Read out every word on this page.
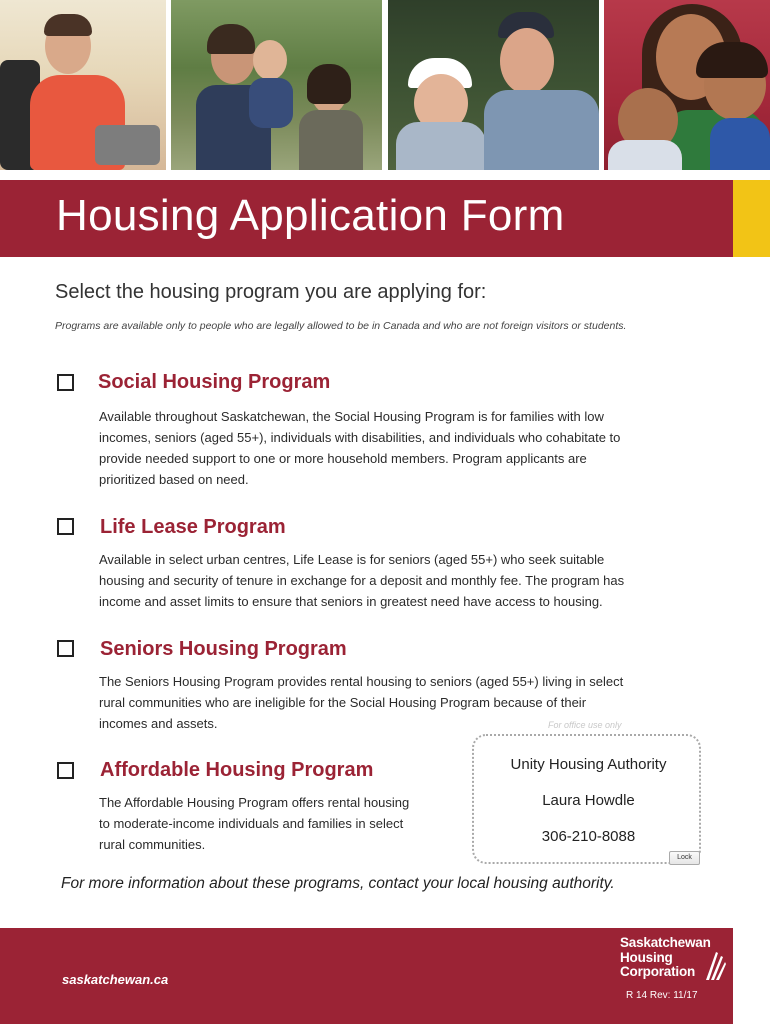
Housing Application Form
Select the housing program you are applying for:
Programs are available only to people who are legally allowed to be in Canada and who are not foreign visitors or students.
Social Housing Program
Available throughout Saskatchewan, the Social Housing Program is for families with low
incomes, seniors (aged 55+), individuals with disabilities, and individuals who cohabitate to
provide needed support to one or more household members. Program applicants are
prioritized based on need.
Life Lease Program
Available in select urban centres, Life Lease is for seniors (aged 55+) who seek suitable
housing and security of tenure in exchange for a deposit and monthly fee. The program has
income and asset limits to ensure that seniors in greatest need have access to housing.
Seniors Housing Program
The Seniors Housing Program provides rental housing to seniors (aged 55+) living in select
rural communities who are ineligible for the Social Housing Program because of their
incomes and assets.
Affordable Housing Program
The Affordable Housing Program offers rental housing
to moderate-income individuals and families in select
rural communities.
For office use only
Unity Housing Authority
Laura Howdle
306-210-8088
Lock
For more information about these programs, contact your local housing authority.
saskatchewan.ca
Saskatchewan
Housing
Corporation
R 14 Rev: 11/17
